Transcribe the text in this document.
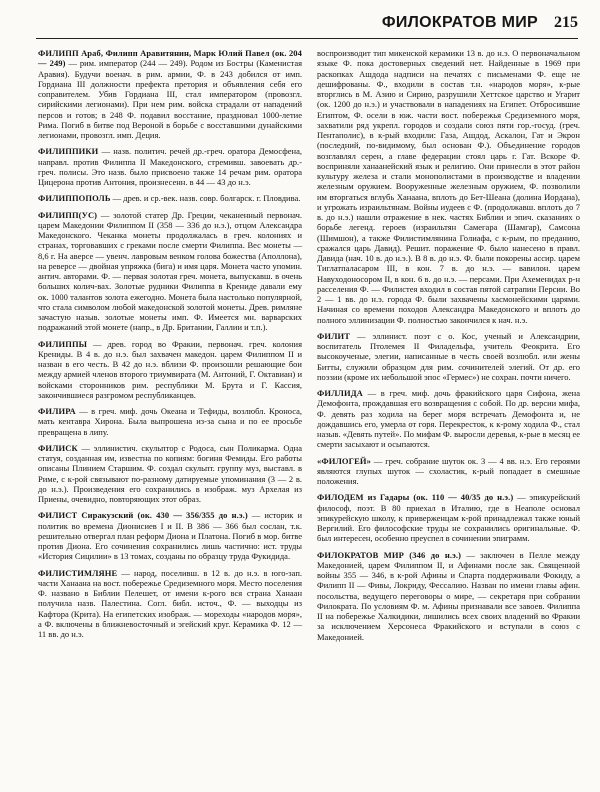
ФИЛОКРАТОВ МИР 215

ФИЛИПП Араб, Филипп Аравитянин, Марк Юлий Павел (ок. 204 — 249) — рим. император (244 — 249). Родом из Бостры (Каменистая Аравия). Будучи военач. в рим. армии, Ф. в 243 добился от имп. Гордиана III должности префекта претория и объявления себя его соправителем. Убив Гордиана III, стал императором (провозгл. сирийскими легионами). При нем рим. войска страдали от нападений персов и готов; в 248 Ф. подавил восстание, праздновал 1000-летие Рима. Погиб в битве под Вероной в борьбе с восставшими дунайскими легионами, провозгл. имп. Деция.

ФИЛИППИКИ — назв. политич. речей др.-греч. оратора Демосфена, направл. против Филиппа II Македонского, стремивш. завоевать др.-греч. полисы. Это назв. было присвоено также 14 речам рим. оратора Цицерона против Антония, произнесенн. в 44 — 43 до н.э.

ФИЛИППОПОЛЬ — древ. и ср.-век. назв. совр. болгарск. г. Пловдива.

ФИЛИПП(УС) — золотой статер Др. Греции, чеканенный первонач. царем Македонии Филиппом II (358 — 336 до н.э.), отцом Александра Македонского. Чеканка монеты продолжалась в греч. колониях и странах, торговавших с греками после смерти Филиппа. Вес монеты — 8,6 г. На аверсе — увенч. лавровым венком голова божества (Аполлона), на реверсе — двойная упряжка (бига) и имя царя. Монета часто упомин. антич. авторами. Ф. — первая золотая греч. монета, выпускавш. в очень больших колич-вах. Золотые рудники Филиппа в Крениде давали ему ок. 1000 талантов золота ежегодно. Монета была настолько популярной, что стала символом любой македонской золотой монеты. Древ. римляне зачастую назыв. золотые монеты имп. Ф. Имеется мн. варварских подражаний этой монете (напр., в Др. Британии, Галлии и т.п.).

ФИЛИППЫ — древ. город во Фракии, первонач. греч. колония Крениды. В 4 в. до н.э. был захвачен македон. царем Филиппом II и назван в его честь. В 42 до н.э. вблизи Ф. произошли решающие бои между армией членов второго триумвирата (М. Антоний, Г. Октавиан) и войсками сторонников рим. республики М. Брута и Г. Кассия, закончившиеся разгромом республиканцев.

ФИЛИРА — в греч. миф. дочь Океана и Тефиды, возлюбл. Кроноса, мать кентавра Хирона. Была выпрошена из-за сына и по ее просьбе превращена в липу.

ФИЛИСК — эллинистич. скульптор с Родоса, сын Поликарма. Одна статуя, созданная им, известна по копиям: богиня Фемиды. Его работы описаны Плинием Старшим. Ф. создал скульпт. группу муз, выставл. в Риме, с к-рой связывают по-разному датируемые упоминания (3 — 2 в. до н.э.). Произведения его сохранились в изображ. муз Архелая из Приены, очевидно, повторяющих этот образ.

ФИЛИСТ Сиракузский (ок. 430 — 356/355 до н.э.) — историк и политик во времена Дионисиев I и II. В 386 — 366 был сослан, т.к. решительно отвергал план реформ Диона и Платона. Погиб в мор. битве против Диона. Его сочинения сохранились лишь частично: ист. труды «История Сицилии» в 13 томах, созданы по образцу труда Фукидида.

ФИЛИСТИМЛЯНЕ — народ, поселивш. в 12 в. до н.э. в юго-зап. части Ханаана на вост. побережье Средиземного моря. Место поселения Ф. названо в Библии Пелешет, от имени к-рого вся страна Ханаан получила назв. Палестина. Согл. библ. источ., Ф. — выходцы из Кафтора (Крита). На египетских изображ. — мореходы «народов моря», а Ф. включены в ближневосточный и эгейский круг. Керамика Ф. 12 — 11 вв. до н.э.

воспроизводит тип микенской керамики 13 в. до н.э. О первоначальном языке Ф. пока достоверных сведений нет. Найденные в 1969 при раскопках Ашдода надписи на печатях с письменами Ф. еще не дешифрованы. Ф., входили в состав т.н. «народов моря», к-рые вторглись в М. Азию и Сирию, разрушили Хеттское царство и Угарит (ок. 1200 до н.э.) и участвовали в нападениях на Египет. Отбросившие Египтом, Ф. осели в юж. части вост. побережья Средиземного моря, захватили ряд укрепл. городов и создали союз пяти гор.-госуд. (греч. Пентаполис), в к-рый входили: Газа, Ашдод, Аскалон, Гат и Экрон (последний, по-видимому, был основан Ф.). Объединение городов возглавлял серен, а главе федерации стоял царь г. Гат. Вскоре Ф. восприняли ханаанейский язык и религию. Они принесли в этот район культуру железа и стали монополистами в производстве и владении железным оружием. Вооруженные железным оружием, Ф. позволили им вторгаться вглубь Ханаана, вплоть до Бет-Шеана (долина Иордана), и угрожать израильтянам. Войны иудеев с Ф. (продолжавш. вплоть до 7 в. до н.э.) нашли отражение в нек. частях Библии и эпич. сказаниях о борьбе легенд. героев (израильтян Самегара (Шамгар), Самсона (Шимшон), а также Филистимлянина Голиафа, с к-рым, по преданию, сражался царь Давид). Решит. поражение Ф. было нанесено в правл. Давида (нач. 10 в. до н.э.). В 8 в. до н.э. Ф. были покорены ассир. царем Тиглатпаласаром III, в кон. 7 в. до н.э. — вавилон. царем Навуходоносором II, в кон. 6 в. до н.э. — персами. При Ахеменидах р-н расселения Ф. — Филистея входил в состав пятой сатрапии Персии. Во 2 — 1 вв. до н.э. города Ф. были захвачены хасмонейскими царями. Начиная со времени походов Александра Македонского и вплоть до полного эллинизации Ф. полностью закончился к нач. н.э.

ФИЛИТ — эллинист. поэт с о. Кос, ученый и Александрии, воспитатель Птолемея II Филадельфа, учитель Феокрита. Его высокоученые, элегии, написанные в честь своей возлюбл. или жены Битты, служили образцом для рим. сочинителей элегий. От др. его поэзии (кроме их небольшой эпос «Гермес») не сохран. почти ничего.

ФИЛЛИДА — в греч. миф. дочь фракийского царя Сифона, жена Демофонта, прождавшая его возвращения с собой. По др. версии мифа, Ф. девять раз ходила на берег моря встречать Демофонта и, не дождавшись его, умерла от горя. Перекресток, к к-рому ходила Ф., стал назыв. «Девять путей». По мифам Ф. выросли деревья, к-рые в месяц ее смерти засыхают и осыпаются.

«ФИЛОГЕЙ» — греч. собрание шуток ок. 3 — 4 вв. н.э. Его героями являются глупых шуток — схоластик, к-рый попадает в смешные положения.

ФИЛОДЕМ из Гадары (ок. 110 — 40/35 до н.э.) — эпикурейский философ, поэт. В 80 приехал в Италию, где в Неаполе основал эпикурейскую школу, к приверженцам к-рой принадлежал также юный Вергилий. Его философские труды не сохранились оригинальные. Ф. был интересен, особенно преуспел в сочинении эпиграмм.

ФИЛОКРАТОВ МИР (346 до н.э.) — заключен в Пелле между Македонией, царем Филиппом II, и Афинами после зак. Священной войны 355 — 346, в к-рой Афины и Спарта поддерживали Фокиду, а Филипп II — Фивы, Локриду, Фессалию. Назван по имени главы афин. посольства, ведущего переговоры о мире, — секретаря при собрании Филократа. По условиям Ф. м. Афины признавали все завоев. Филиппа II на побережье Халкидики, лишились всех своих владений во Фракии за исключением Херсонеса Фракийского и вступали в союз с Македонией.
